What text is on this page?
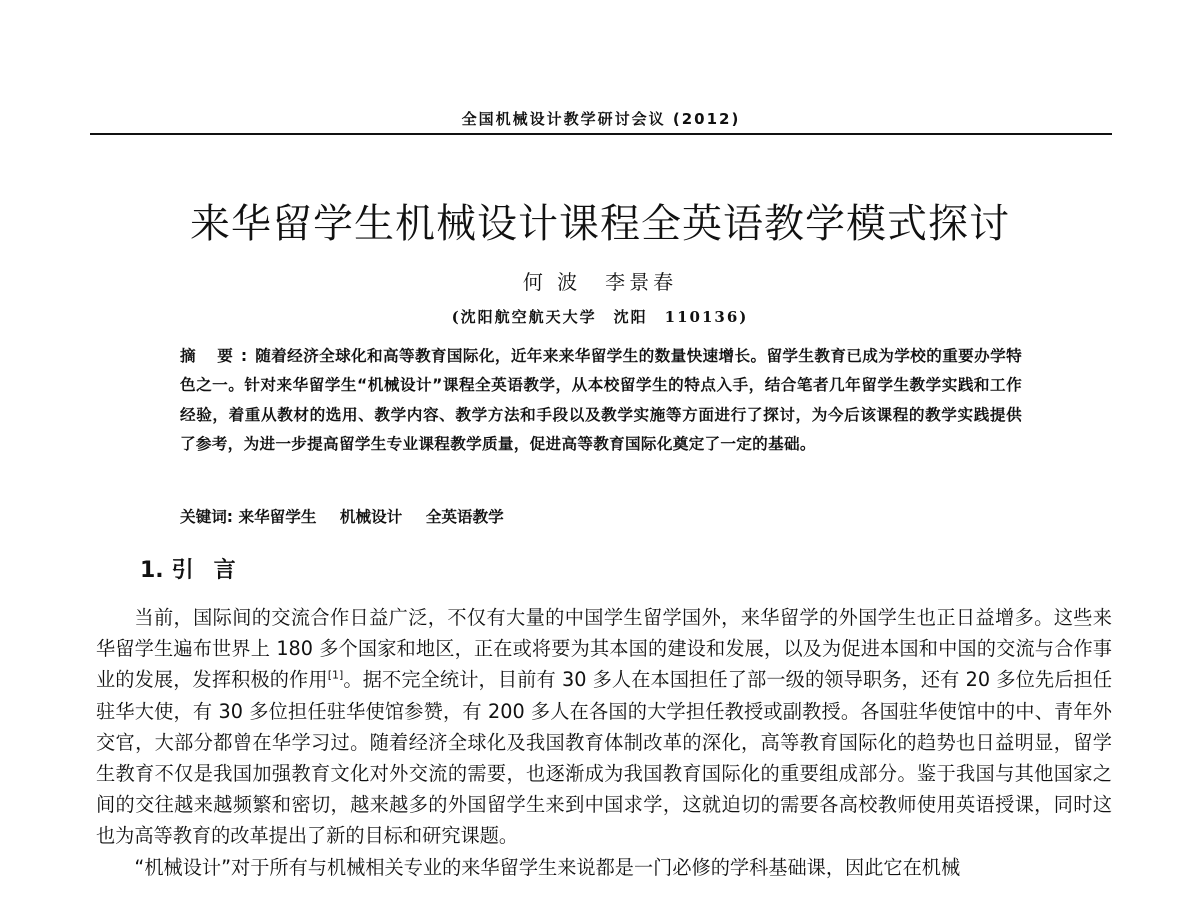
全国机械设计教学研讨会议 (2012)
来华留学生机械设计课程全英语教学模式探讨
何 波 李景春
(沈阳航空航天大学　沈阳　110136)
摘 要:随着经济全球化和高等教育国际化，近年来来华留学生的数量快速增长。留学生教育已成为学校的重要办学特色之一。针对来华留学生“机械设计”课程全英语教学，从本校留学生的特点入手，结合笔者几年留学生教学实践和工作经验，着重从教材的选用、教学内容、教学方法和手段以及教学实施等方面进行了探讨，为今后该课程的教学实践提供了参考，为进一步提高留学生专业课程教学质量，促进高等教育国际化奠定了一定的基础。
关键词: 来华留学生 机械设计 全英语教学
1. 引言

当前，国际间的交流合作日益广泛，不仅有大量的中国学生留学国外，来华留学的外国学生也正日益增多。这些来华留学生遍布世界上 180 多个国家和地区，正在或将要为其本国的建设和发展，以及为促进本国和中国的交流与合作事业的发展，发挥积极的作用[1]。据不完全统计，目前有 30 多人在本国担任了部一级的领导职务，还有 20 多位先后担任驻华大使，有 30 多位担任驻华使馆参赞，有 200 多人在各国的大学担任教授或副教授。各国驻华使馆中的中、青年外交官，大部分都曾在华学习过。随着经济全球化及我国教育体制改革的深化，高等教育国际化的趋势也日益明显，留学生教育不仅是我国加强教育文化对外交流的需要，也逐渐成为我国教育国际化的重要组成部分。鉴于我国与其他国家之间的交往越来越频繁和密切，越来越多的外国留学生来到中国求学，这就迫切的需要各高校教师使用英语授课，同时这也为高等教育的改革提出了新的目标和研究课题。

“机械设计”对于所有与机械相关专业的来华留学生来说都是一门必修的学科基础课，因此它在机械
